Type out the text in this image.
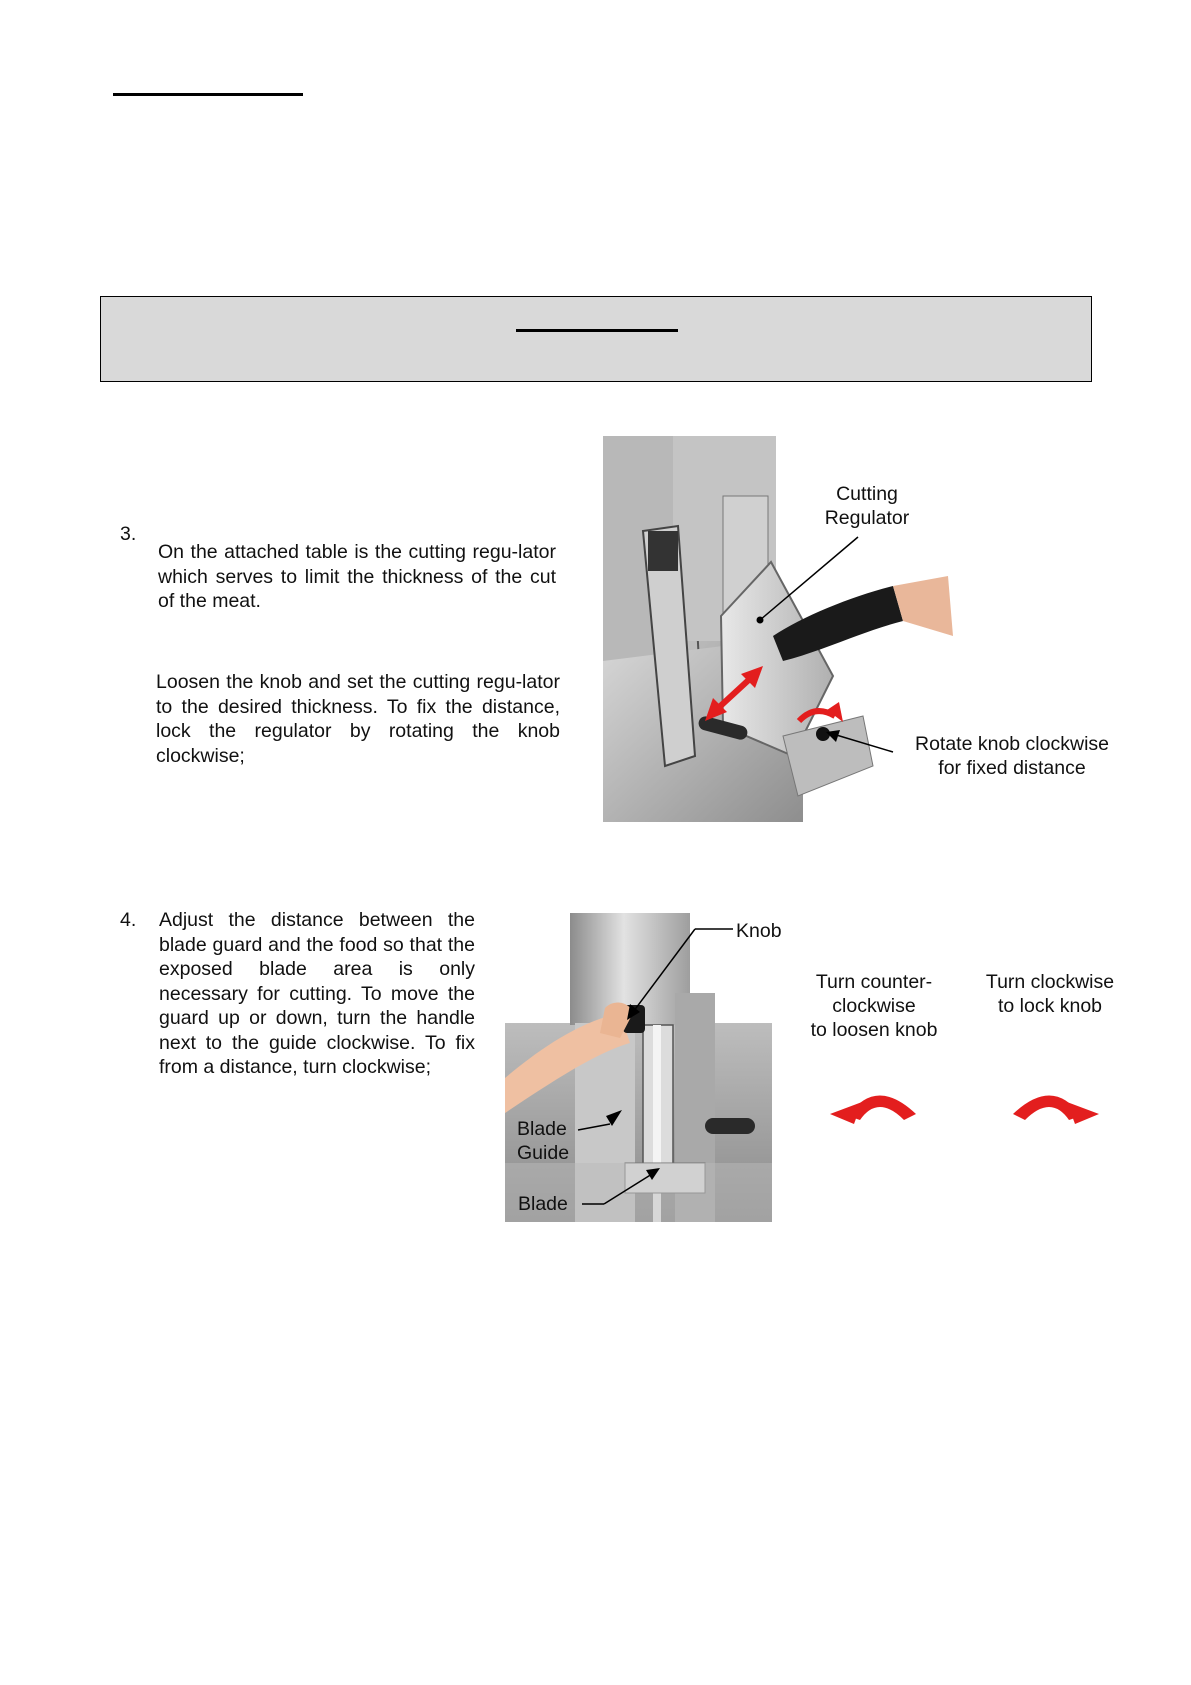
3.
On the attached table is the cutting regu-lator which serves to limit the thickness of the cut of the meat.
Loosen the knob and set the cutting regu-lator to the desired thickness. To fix the distance, lock the regulator by rotating the knob clockwise;
Cutting
Regulator
Rotate knob clockwise
for fixed distance
4. Adjust the distance between the blade guard and the food so that the exposed blade area is only necessary for cutting. To move the guard up or down, turn the handle next to the guide clockwise. To fix from a distance, turn clockwise;
Knob
Blade
Guide
Blade
Turn counter-
clockwise
to loosen knob
Turn clockwise
to lock knob
